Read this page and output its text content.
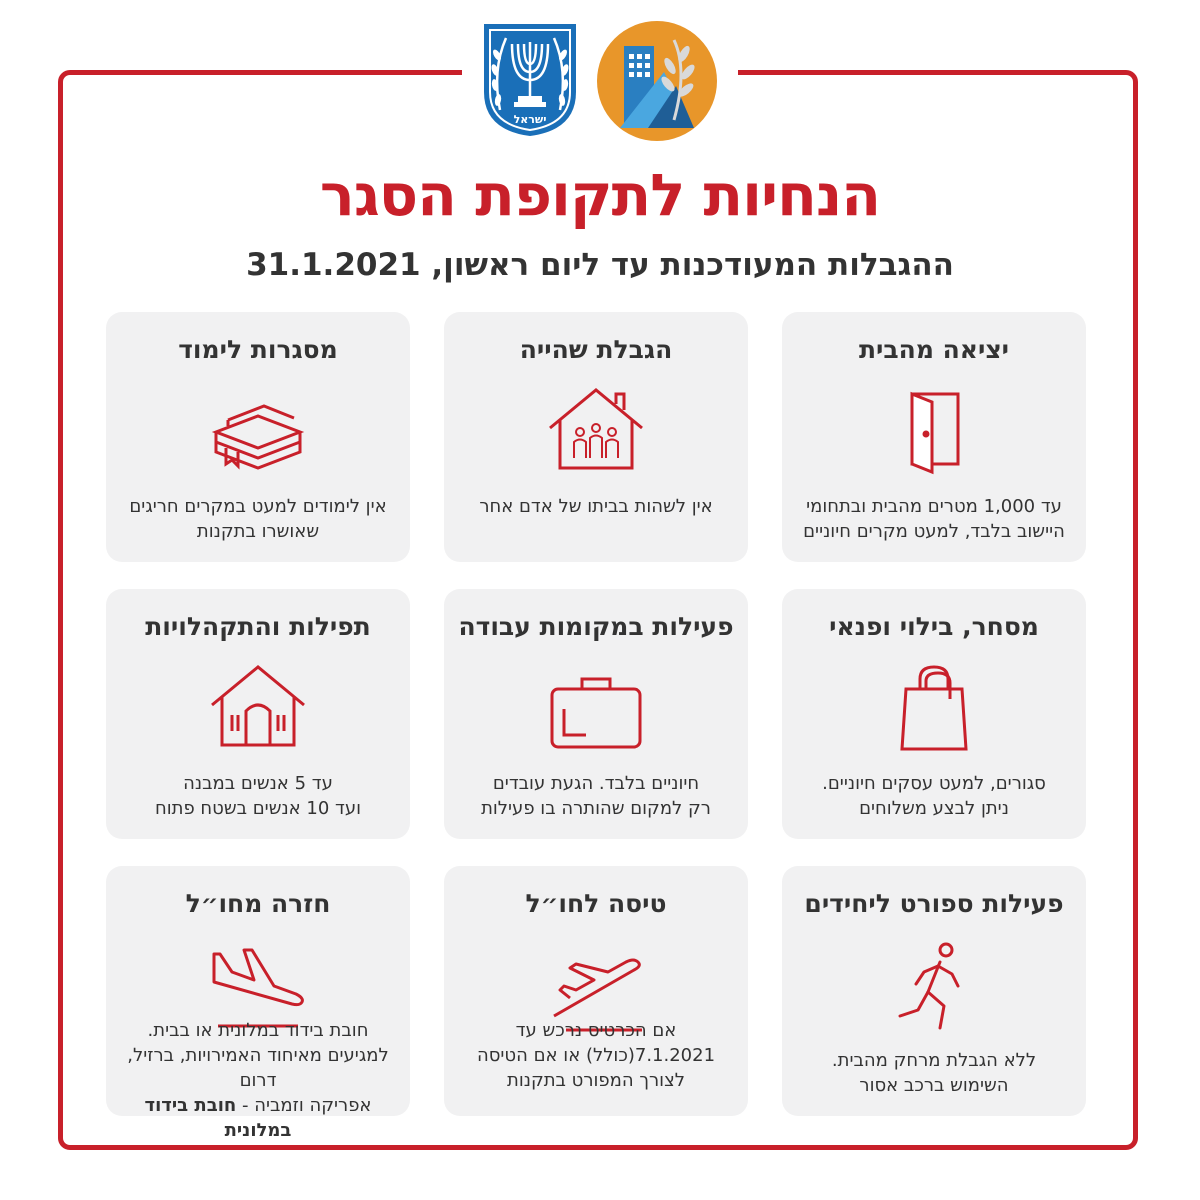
ישראל
הנחיות לתקופת הסגר
ההגבלות המעודכנות עד ליום ראשון, 31.1.2021
יציאה מהבית
עד 1,000 מטרים מהבית ובתחומי
היישוב בלבד, למעט מקרים חיוניים
הגבלת שהייה
אין לשהות בביתו של אדם אחר
מסגרות לימוד
אין לימודים למעט במקרים חריגים
שאושרו בתקנות
מסחר, בילוי ופנאי
סגורים, למעט עסקים חיוניים.
ניתן לבצע משלוחים
פעילות במקומות עבודה
חיוניים בלבד. הגעת עובדים
רק למקום שהותרה בו פעילות
תפילות והתקהלויות
עד 5 אנשים במבנה
ועד 10 אנשים בשטח פתוח
פעילות ספורט ליחידים
ללא הגבלת מרחק מהבית.
השימוש ברכב אסור
טיסה לחו״ל
אם הכרטיס נרכש עד
7.1.2021(כולל) או אם הטיסה
לצורך המפורט בתקנות
חזרה מחו״ל
חובת בידוד במלונית או בבית.
למגיעים מאיחוד האמירויות, ברזיל, דרום
אפריקה וזמביה - חובת בידוד במלונית
